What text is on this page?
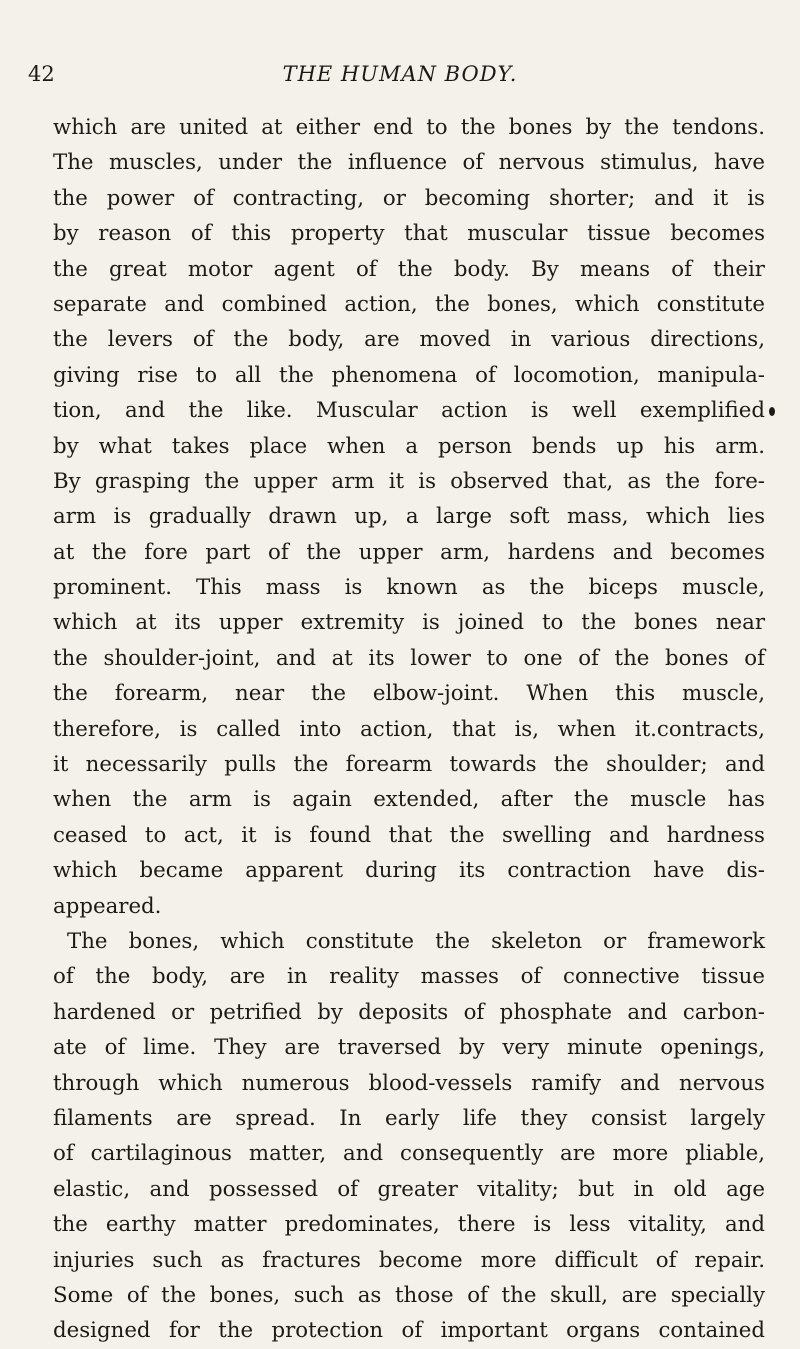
42	THE HUMAN BODY.
which are united at either end to the bones by the tendons.
The muscles, under the influence of nervous stimulus, have
the power of contracting, or becoming shorter; and it is
by reason of this property that muscular tissue becomes
the great motor agent of the body. By means of their
separate and combined action, the bones, which constitute
the levers of the body, are moved in various directions,
giving rise to all the phenomena of locomotion, manipula-
tion, and the like. Muscular action is well exemplified
by what takes place when a person bends up his arm.
By grasping the upper arm it is observed that, as the fore-
arm is gradually drawn up, a large soft mass, which lies
at the fore part of the upper arm, hardens and becomes
prominent. This mass is known as the biceps muscle,
which at its upper extremity is joined to the bones near
the shoulder-joint, and at its lower to one of the bones of
the forearm, near the elbow-joint. When this muscle,
therefore, is called into action, that is, when it.contracts,
it necessarily pulls the forearm towards the shoulder; and
when the arm is again extended, after the muscle has
ceased to act, it is found that the swelling and hardness
which became apparent during its contraction have dis-
appeared.
The bones, which constitute the skeleton or framework
of the body, are in reality masses of connective tissue
hardened or petrified by deposits of phosphate and carbon-
ate of lime. They are traversed by very minute openings,
through which numerous blood-vessels ramify and nervous
filaments are spread. In early life they consist largely
of cartilaginous matter, and consequently are more pliable,
elastic, and possessed of greater vitality; but in old age
the earthy matter predominates, there is less vitality, and
injuries such as fractures become more difficult of repair.
Some of the bones, such as those of the skull, are specially
designed for the protection of important organs contained
